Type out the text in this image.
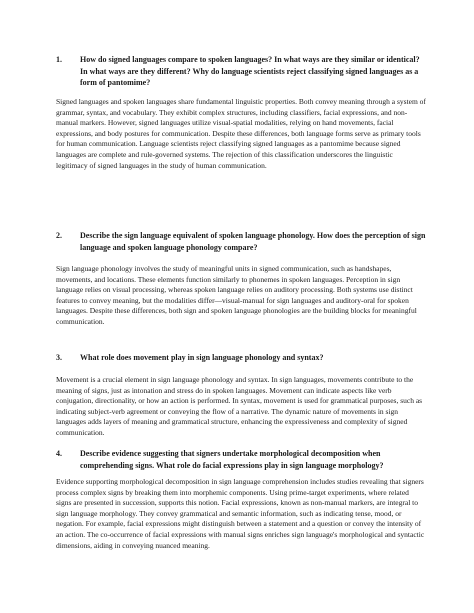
1.	How do signed languages compare to spoken languages? In what ways are they similar or identical? In what ways are they different? Why do language scientists reject classifying signed languages as a form of pantomime?
Signed languages and spoken languages share fundamental linguistic properties. Both convey meaning through a system of grammar, syntax, and vocabulary. They exhibit complex structures, including classifiers, facial expressions, and non-manual markers. However, signed languages utilize visual-spatial modalities, relying on hand movements, facial expressions, and body postures for communication. Despite these differences, both language forms serve as primary tools for human communication. Language scientists reject classifying signed languages as a pantomime because signed languages are complete and rule-governed systems. The rejection of this classification underscores the linguistic legitimacy of signed languages in the study of human communication.
2.	Describe the sign language equivalent of spoken language phonology. How does the perception of sign language and spoken language phonology compare?
Sign language phonology involves the study of meaningful units in signed communication, such as handshapes, movements, and locations. These elements function similarly to phonemes in spoken languages. Perception in sign language relies on visual processing, whereas spoken language relies on auditory processing. Both systems use distinct features to convey meaning, but the modalities differ—visual-manual for sign languages and auditory-oral for spoken languages. Despite these differences, both sign and spoken language phonologies are the building blocks for meaningful communication.
3.	What role does movement play in sign language phonology and syntax?
Movement is a crucial element in sign language phonology and syntax. In sign languages, movements contribute to the meaning of signs, just as intonation and stress do in spoken languages. Movement can indicate aspects like verb conjugation, directionality, or how an action is performed. In syntax, movement is used for grammatical purposes, such as indicating subject-verb agreement or conveying the flow of a narrative. The dynamic nature of movements in sign languages adds layers of meaning and grammatical structure, enhancing the expressiveness and complexity of signed communication.
4.	Describe evidence suggesting that signers undertake morphological decomposition when comprehending signs. What role do facial expressions play in sign language morphology?
Evidence supporting morphological decomposition in sign language comprehension includes studies revealing that signers process complex signs by breaking them into morphemic components. Using prime-target experiments, where related signs are presented in succession, supports this notion. Facial expressions, known as non-manual markers, are integral to sign language morphology. They convey grammatical and semantic information, such as indicating tense, mood, or negation. For example, facial expressions might distinguish between a statement and a question or convey the intensity of an action. The co-occurrence of facial expressions with manual signs enriches sign language's morphological and syntactic dimensions, aiding in conveying nuanced meaning.
